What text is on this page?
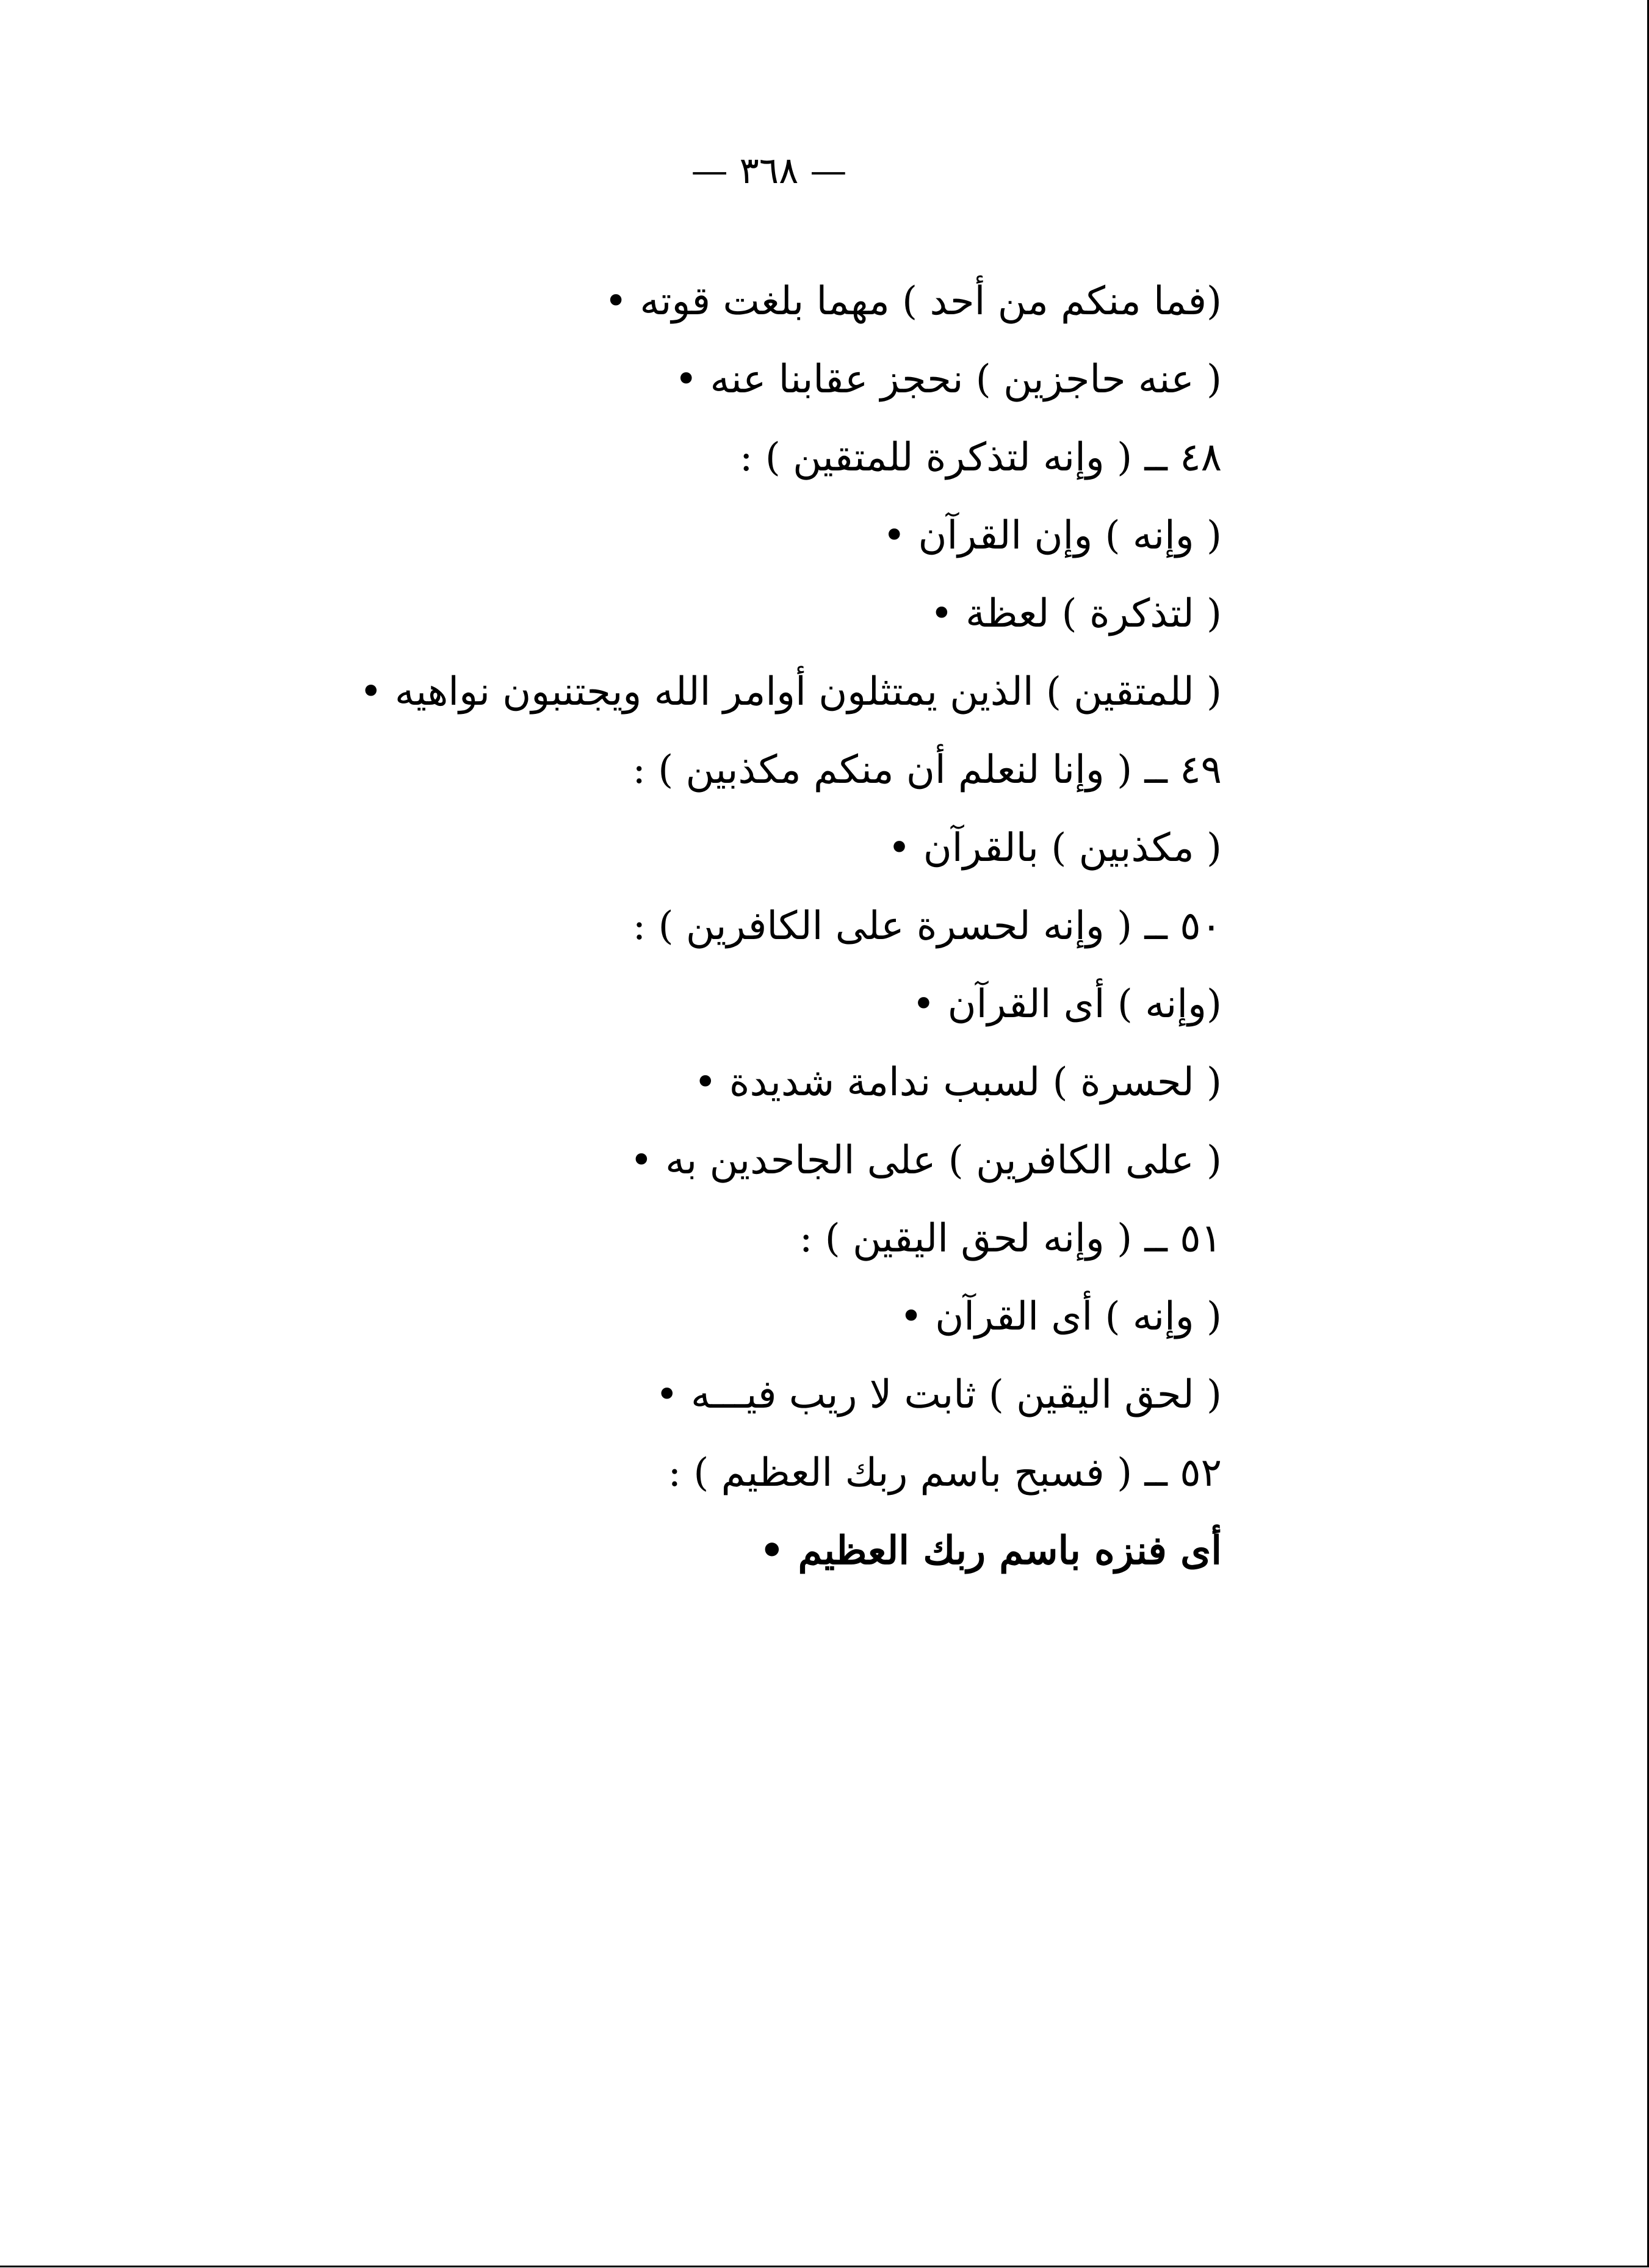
— ٣٦٨ —
(فما منكم من أحد ) مهما بلغت قوته •
( عنه حاجزين ) نحجز عقابنا عنه •
٤٨ ــ ( وإنه لتذكرة للمتقين ) :
( وإنه ) وإن القرآن •
( لتذكرة ) لعظة •
( للمتقين ) الذين يمتثلون أوامر الله ويجتنبون نواهيه •
٤٩ ــ ( وإنا لنعلم أن منكم مكذبين ) :
( مكذبين ) بالقرآن •
٥٠ ــ ( وإنه لحسرة على الكافرين ) :
(وإنه ) أى القرآن •
( لحسرة ) لسبب ندامة شديدة •
( على الكافرين ) على الجاحدين به •
٥١ ــ ( وإنه لحق اليقين ) :
( وإنه ) أى القرآن •
( لحق اليقين ) ثابت لا ريب فيـــه •
٥٢ ــ ( فسبح باسم ربك العظيم ) :
أى فنزه باسم ربك العظيم •
